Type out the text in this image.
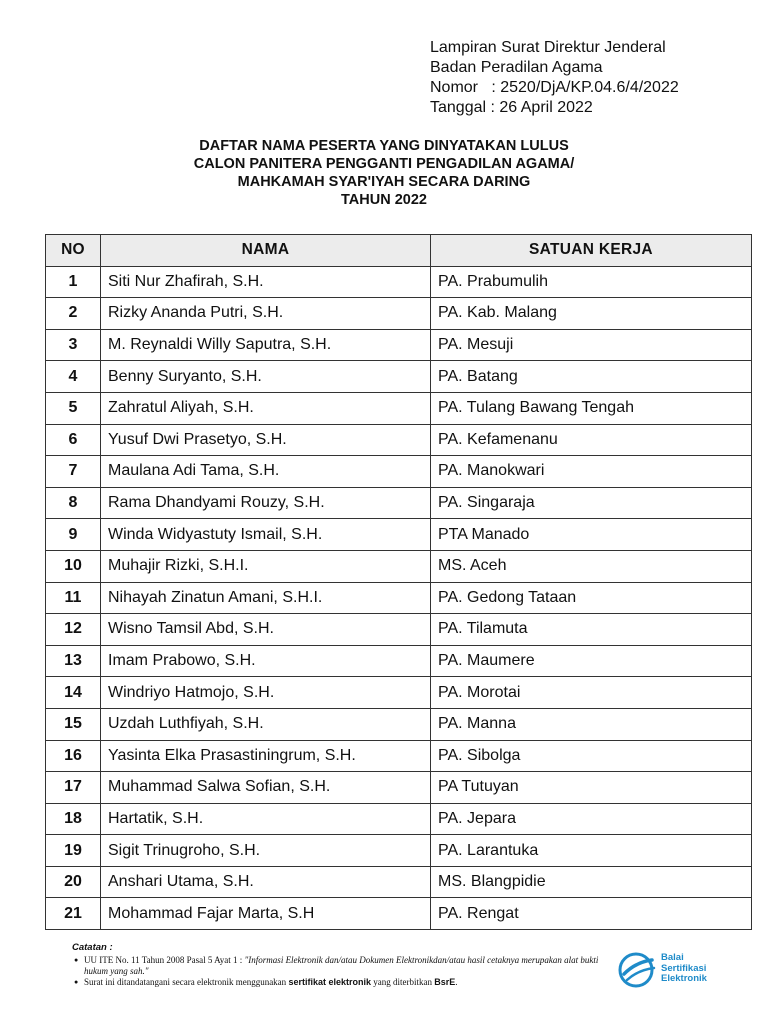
Lampiran Surat Direktur Jenderal
Badan Peradilan Agama
Nomor   : 2520/DjA/KP.04.6/4/2022
Tanggal : 26 April 2022
DAFTAR NAMA PESERTA YANG DINYATAKAN LULUS
CALON PANITERA PENGGANTI PENGADILAN AGAMA/
MAHKAMAH SYAR'IYAH SECARA DARING
TAHUN 2022
NO	NAMA	SATUAN KERJA
1	Siti Nur Zhafirah, S.H.	PA. Prabumulih
2	Rizky Ananda Putri, S.H.	PA. Kab. Malang
3	M. Reynaldi Willy Saputra, S.H.	PA. Mesuji
4	Benny Suryanto, S.H.	PA. Batang
5	Zahratul Aliyah, S.H.	PA. Tulang Bawang Tengah
6	Yusuf Dwi Prasetyo, S.H.	PA. Kefamenanu
7	Maulana Adi Tama, S.H.	PA. Manokwari
8	Rama Dhandyami Rouzy, S.H.	PA. Singaraja
9	Winda Widyastuty Ismail, S.H.	PTA Manado
10	Muhajir Rizki, S.H.I.	MS. Aceh
11	Nihayah Zinatun Amani, S.H.I.	PA. Gedong Tataan
12	Wisno Tamsil Abd, S.H.	PA. Tilamuta
13	Imam Prabowo, S.H.	PA. Maumere
14	Windriyo Hatmojo, S.H.	PA. Morotai
15	Uzdah Luthfiyah, S.H.	PA. Manna
16	Yasinta Elka Prasastiningrum, S.H.	PA. Sibolga
17	Muhammad Salwa Sofian, S.H.	PA Tutuyan
18	Hartatik, S.H.	PA. Jepara
19	Sigit Trinugroho, S.H.	PA. Larantuka
20	Anshari Utama, S.H.	MS. Blangpidie
21	Mohammad Fajar Marta, S.H	PA. Rengat
Catatan :
● UU ITE No. 11 Tahun 2008 Pasal 5 Ayat 1 : "Informasi Elektronik dan/atau Dokumen Elektronikdan/atau hasil cetaknya merupakan alat bukti hukum yang sah."
● Surat ini ditandatangani secara elektronik menggunakan sertifikat elektronik yang diterbitkan BsrE.
Balai
Sertifikasi
Elektronik
